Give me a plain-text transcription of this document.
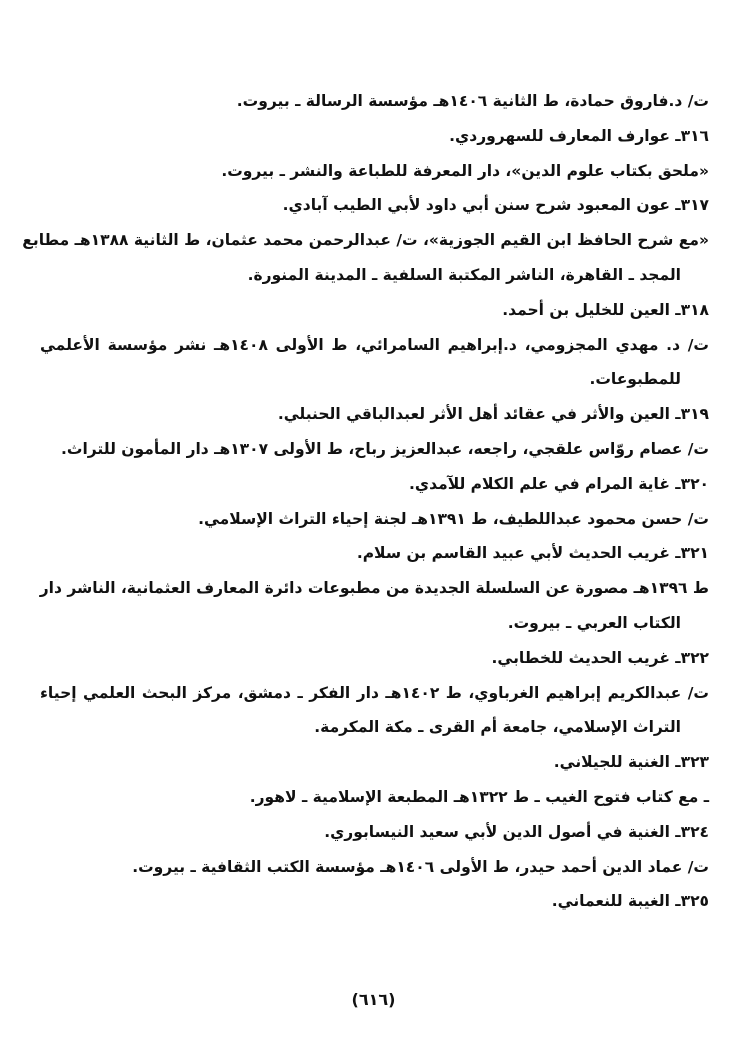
ت/ د.فاروق حمادة، ط الثانية ١٤٠٦هـ مؤسسة الرسالة ـ بيروت.
٣١٦ـ عوارف المعارف للسهروردي.
«ملحق بكتاب علوم الدين»، دار المعرفة للطباعة والنشر ـ بيروت.
٣١٧ـ عون المعبود شرح سنن أبي داود لأبي الطيب آبادي.
«مع شرح الحافظ ابن القيم الجوزية»، ت/ عبدالرحمن محمد عثمان، ط الثانية ١٣٨٨هـ مطابع
المجد ـ القاهرة، الناشر المكتبة السلفية ـ المدينة المنورة.
٣١٨ـ العين للخليل بن أحمد.
ت/ د. مهدي المجزومي، د.إبراهيم السامرائي، ط الأولى ١٤٠٨هـ نشر مؤسسة الأعلمي
للمطبوعات.
٣١٩ـ العين والأثر في عقائد أهل الأثر لعبدالباقي الحنبلي.
ت/ عصام روّاس علقجي، راجعه، عبدالعزيز رباح، ط الأولى ١٣٠٧هـ دار المأمون للتراث.
٣٢٠ـ غاية المرام في علم الكلام للآمدي.
ت/ حسن محمود عبداللطيف، ط ١٣٩١هـ لجنة إحياء التراث الإسلامي.
٣٢١ـ غريب الحديث لأبي عبيد القاسم بن سلام.
ط ١٣٩٦هـ مصورة عن السلسلة الجديدة من مطبوعات دائرة المعارف العثمانية، الناشر دار
الكتاب العربي ـ بيروت.
٣٢٢ـ غريب الحديث للخطابي.
ت/ عبدالكريم إبراهيم الغرباوي، ط ١٤٠٢هـ دار الفكر ـ دمشق، مركز البحث العلمي إحياء
التراث الإسلامي، جامعة أم القرى ـ مكة المكرمة.
٣٢٣ـ الغنية للجيلاني.
ـ مع كتاب فتوح الغيب ـ ط ١٣٢٢هـ المطبعة الإسلامية ـ لاهور.
٣٢٤ـ الغنية في أصول الدين لأبي سعيد النيسابوري.
ت/ عماد الدين أحمد حيدر، ط الأولى ١٤٠٦هـ مؤسسة الكتب الثقافية ـ بيروت.
٣٢٥ـ الغيبة للنعماني.
(٦١٦)
